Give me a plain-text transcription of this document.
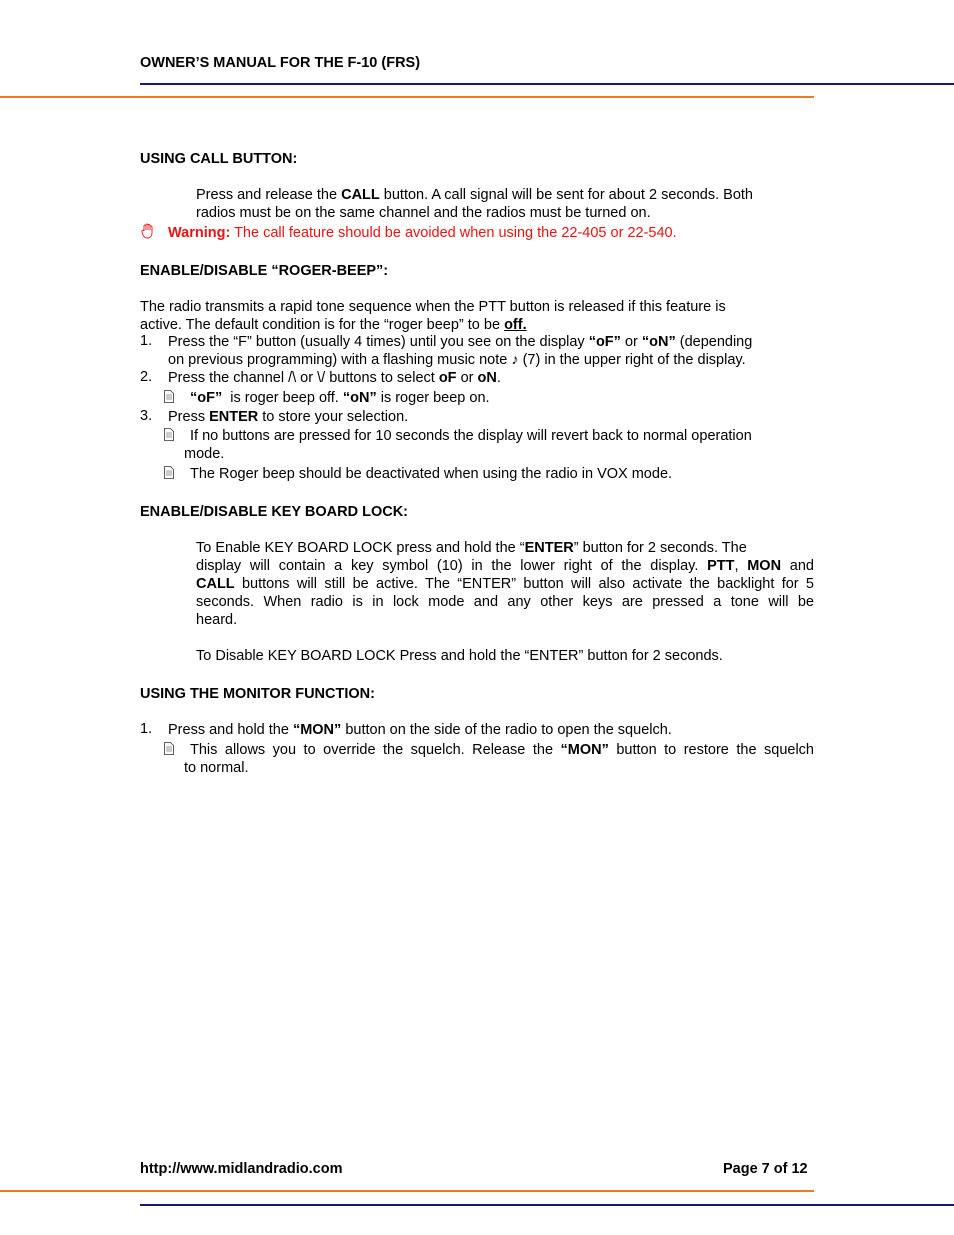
OWNER’S MANUAL FOR THE F-10 (FRS)
USING CALL BUTTON:
Press and release the CALL button. A call signal will be sent for about 2 seconds. Both
radios must be on the same channel and the radios must be turned on.
Warning: The call feature should be avoided when using the 22-405 or 22-540.
ENABLE/DISABLE “ROGER-BEEP”:
The radio transmits a rapid tone sequence when the PTT button is released if this feature is
active. The default condition is for the “roger beep” to be off.
1. Press the “F” button (usually 4 times) until you see on the display “oF” or “oN” (depending
on previous programming) with a flashing music note ♪ (7) in the upper right of the display.
2. Press the channel /\ or \/ buttons to select oF or oN.
“oF”  is roger beep off. “oN” is roger beep on.
3. Press ENTER to store your selection.
If no buttons are pressed for 10 seconds the display will revert back to normal operation
mode.
The Roger beep should be deactivated when using the radio in VOX mode.
ENABLE/DISABLE KEY BOARD LOCK:
To Enable KEY BOARD LOCK press and hold the “ENTER” button for 2 seconds. The
display will contain a key symbol (10) in the lower right of the display. PTT, MON and
CALL buttons will still be active. The “ENTER” button will also activate the backlight for 5
seconds. When radio is in lock mode and any other keys are pressed a tone will be
heard.
To Disable KEY BOARD LOCK Press and hold the “ENTER” button for 2 seconds.
USING THE MONITOR FUNCTION:
1. Press and hold the “MON” button on the side of the radio to open the squelch.
This allows you to override the squelch. Release the “MON” button to restore the squelch
to normal.
http://www.midlandradio.com	Page 7 of 12
